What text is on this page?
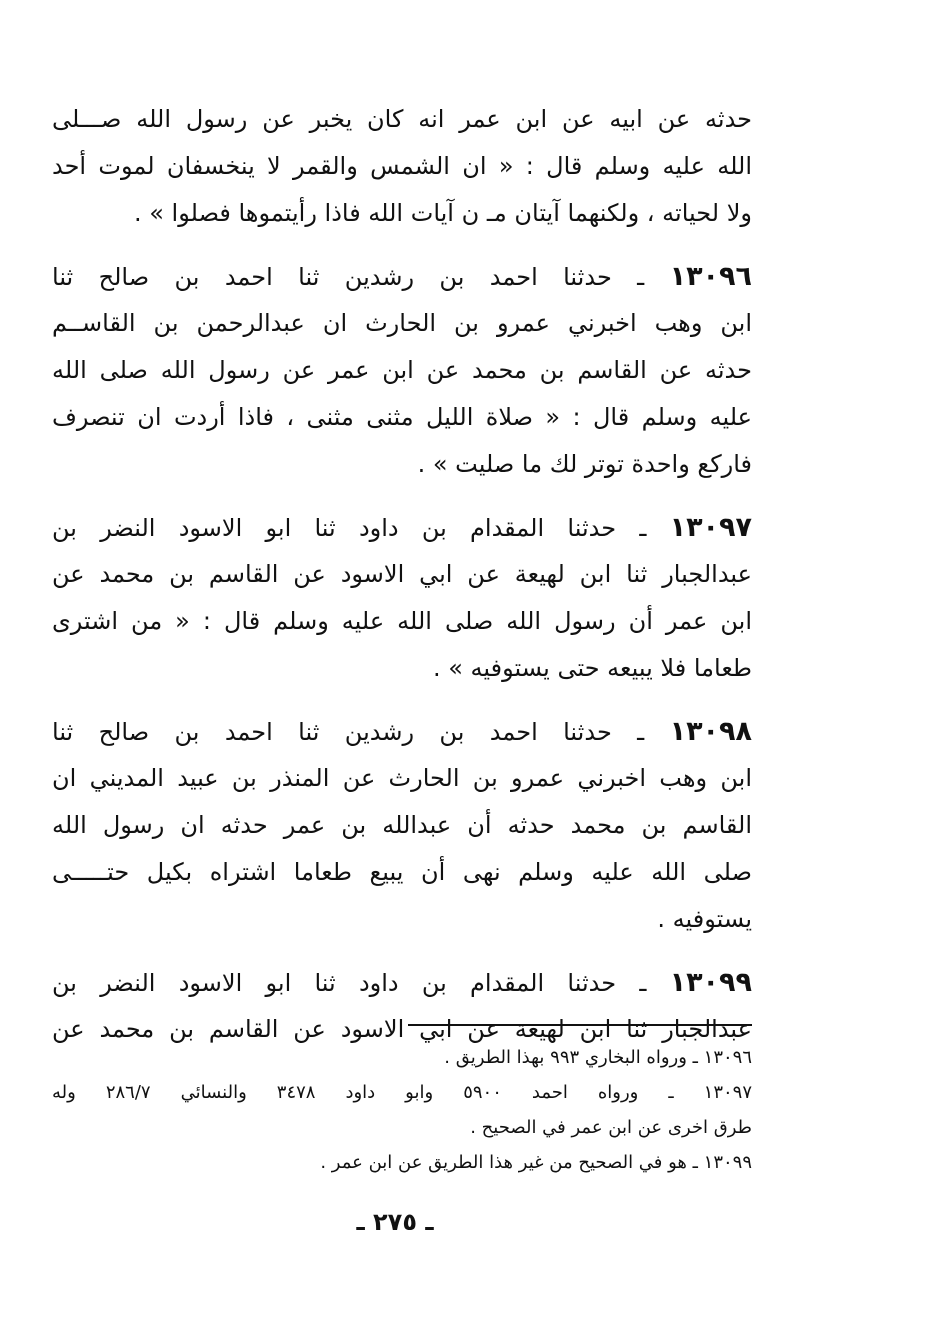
حدثه عن ابيه عن ابن عمر انه كان يخبر عن رسول الله صـــلى
الله عليه وسلم قال : « ان الشمس والقمر لا ينخسفان لموت أحد
ولا لحياته ، ولكنهما آيتان مـ ن آيات الله فاذا رأيتموها فصلوا » .
١٣٠٩٦ ـ حدثنا احمد بن رشدين ثنا احمد بن صالح ثنا
ابن وهب اخبرني عمرو بن الحارث ان عبدالرحمن بن القاســم
حدثه عن القاسم بن محمد عن ابن عمر عن رسول الله صلى الله
عليه وسلم قال : « صلاة الليل مثنى مثنى ، فاذا أردت ان تنصرف
فاركع واحدة توتر لك ما صليت » .
١٣٠٩٧ ـ حدثنا المقدام بن داود ثنا ابو الاسود النضر بن
عبدالجبار ثنا ابن لهيعة عن ابي الاسود عن القاسم بن محمد عن
ابن عمر أن رسول الله صلى الله عليه وسلم قال : « من اشترى
طعاما فلا يبيعه حتى يستوفيه » .
١٣٠٩٨ ـ حدثنا احمد بن رشدين ثنا احمد بن صالح ثنا
ابن وهب اخبرني عمرو بن الحارث عن المنذر بن عبيد المديني ان
القاسم بن محمد حدثه أن عبدالله بن عمر حدثه ان رسول الله
صلى الله عليه وسلم نهى أن يبيع طعاما اشتراه بكيل حتـــــى
يستوفيه .
١٣٠٩٩ ـ حدثنا المقدام بن داود ثنا ابو الاسود النضر بن
عبدالجبار ثنا ابن لهيعة عن ابي الاسود عن القاسم بن محمد عن
١٣٠٩٦ ـ ورواه البخاري ٩٩٣ بهذا الطريق .
١٣٠٩٧ ـ ورواه احمد ٥٩٠٠ وابو داود ٣٤٧٨ والنسائي ٢٨٦/٧ وله
طرق اخرى عن ابن عمر في الصحيح .
١٣٠٩٩ ـ هو في الصحيح من غير هذا الطريق عن ابن عمر .
ـ ٢٧٥ ـ
